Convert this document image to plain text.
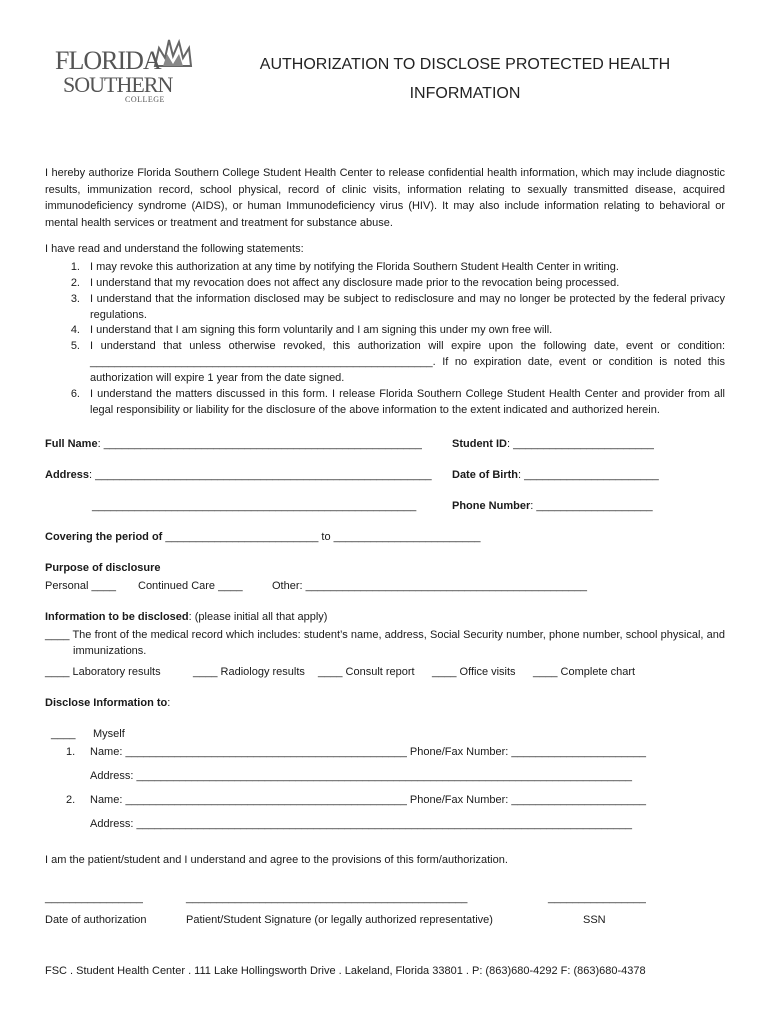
FLORIDA
SOUTHERN
COLLEGE
AUTHORIZATION TO DISCLOSE PROTECTED HEALTH
INFORMATION
I hereby authorize Florida Southern College Student Health Center to release confidential health information, which may include diagnostic results, immunization record, school physical, record of clinic visits, information relating to sexually transmitted disease, acquired immunodeficiency syndrome (AIDS), or human Immunodeficiency virus (HIV). It may also include information relating to behavioral or mental health services or treatment and treatment for substance abuse.
I have read and understand the following statements:
1. I may revoke this authorization at any time by notifying the Florida Southern Student Health Center in writing.
2. I understand that my revocation does not affect any disclosure made prior to the revocation being processed.
3. I understand that the information disclosed may be subject to redisclosure and may no longer be protected by the federal privacy regulations.
4. I understand that I am signing this form voluntarily and I am signing this under my own free will.
5. I understand that unless otherwise revoked, this authorization will expire upon the following date, event or condition: ________________________________________________________. If no expiration date, event or condition is noted this authorization will expire 1 year from the date signed.
6. I understand the matters discussed in this form. I release Florida Southern College Student Health Center and provider from all legal responsibility or liability for the disclosure of the above information to the extent indicated and authorized herein.
Full Name: ____________________________________________________	Student ID: _______________________
Address: _______________________________________________________ Date of Birth: ______________________
_____________________________________________________	Phone Number: ___________________
Covering the period of _________________________ to ________________________
Purpose of disclosure
Personal ____ Continued Care ____	Other: ______________________________________________
Information to be disclosed: (please initial all that apply)
____ The front of the medical record which includes: student’s name, address, Social Security number, phone number, school physical, and immunizations.
____ Laboratory results	____ Radiology results ____ Consult report ____ Office visits ____ Complete chart
Disclose Information to:
____ Myself
1. Name: ______________________________________________ Phone/Fax Number: ______________________
Address: _________________________________________________________________________________
2. Name: ______________________________________________ Phone/Fax Number: ______________________
Address: _________________________________________________________________________________
I am the patient/student and I understand and agree to the provisions of this form/authorization.
________________	______________________________________________	________________
Date of authorization	Patient/Student Signature (or legally authorized representative)	SSN
FSC . Student Health Center . 111 Lake Hollingsworth Drive . Lakeland, Florida 33801 . P: (863)680-4292 F: (863)680-4378
